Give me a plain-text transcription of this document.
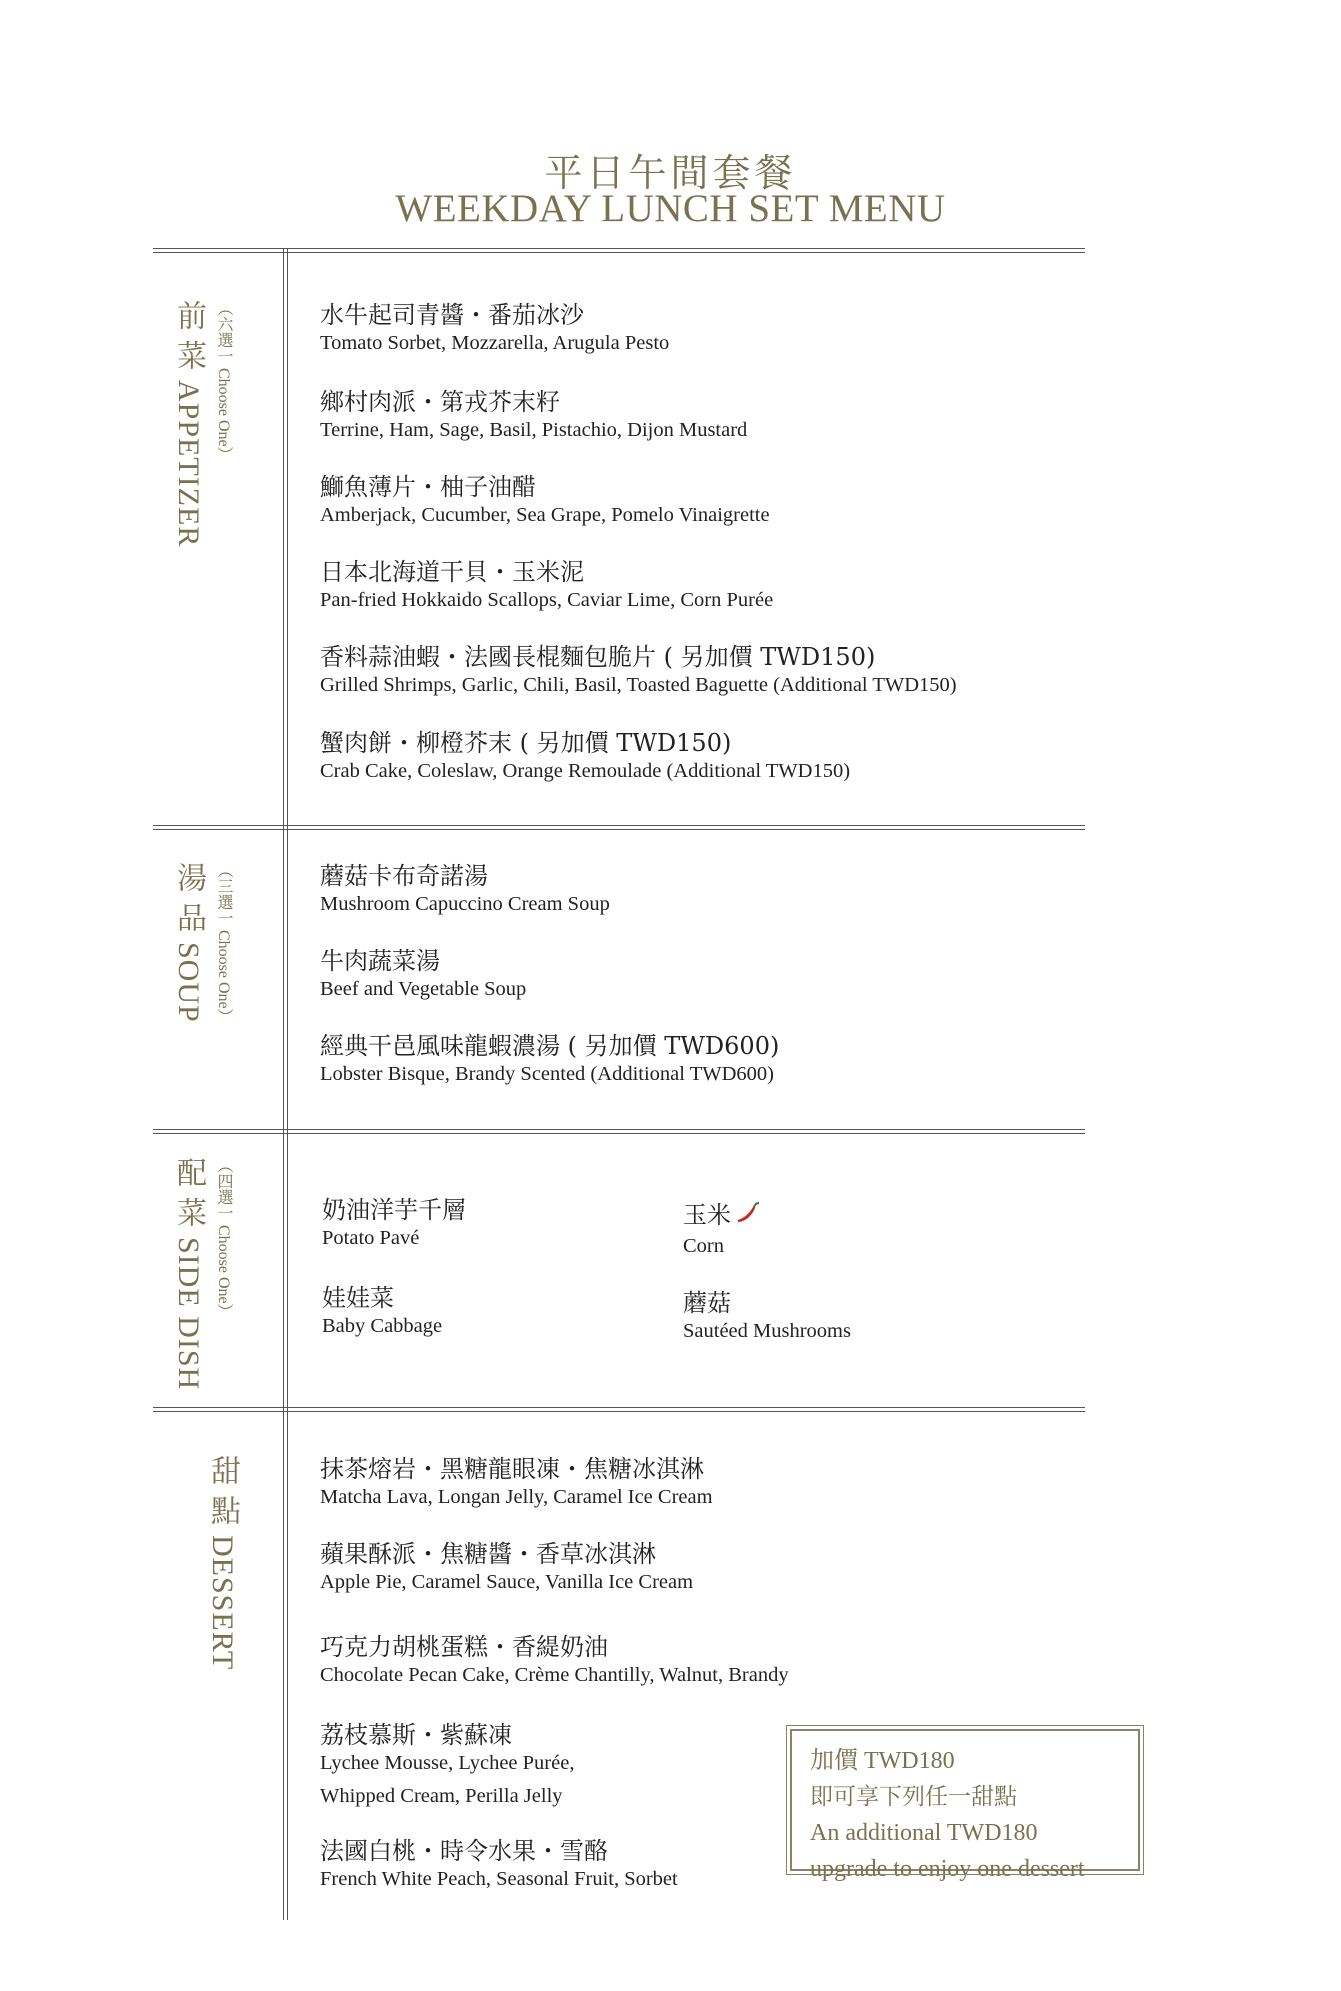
平日午間套餐
WEEKDAY LUNCH SET MENU
前菜APPETIZER （六選一 Choose One）	水牛起司青醬・番茄冰沙
Tomato Sorbet, Mozzarella, Arugula Pesto
鄉村肉派・第戎芥末籽
Terrine, Ham, Sage, Basil, Pistachio, Dijon Mustard
鰤魚薄片・柚子油醋
Amberjack, Cucumber, Sea Grape, Pomelo Vinaigrette
日本北海道干貝・玉米泥
Pan-fried Hokkaido Scallops, Caviar Lime, Corn Purée
香料蒜油蝦・法國長棍麵包脆片 ( 另加價 TWD150)
Grilled Shrimps, Garlic, Chili, Basil, Toasted Baguette (Additional TWD150)
蟹肉餅・柳橙芥末 ( 另加價 TWD150)
Crab Cake, Coleslaw, Orange Remoulade (Additional TWD150)
湯品SOUP （三選一 Choose One）	蘑菇卡布奇諾湯
Mushroom Capuccino Cream Soup
牛肉蔬菜湯
Beef and Vegetable Soup
經典干邑風味龍蝦濃湯 ( 另加價 TWD600)
Lobster Bisque, Brandy Scented (Additional TWD600)
配菜SIDE DISH （四選一 Choose One）	奶油洋芋千層
Potato Pavé
玉米
Corn
娃娃菜
Baby Cabbage
蘑菇
Sautéed Mushrooms
甜點DESSERT
抹茶熔岩・黑糖龍眼凍・焦糖冰淇淋
Matcha Lava, Longan Jelly, Caramel Ice Cream
蘋果酥派・焦糖醬・香草冰淇淋
Apple Pie, Caramel Sauce, Vanilla Ice Cream
巧克力胡桃蛋糕・香緹奶油
Chocolate Pecan Cake, Crème Chantilly, Walnut, Brandy
荔枝慕斯・紫蘇凍
Lychee Mousse, Lychee Purée,
Whipped Cream, Perilla Jelly
法國白桃・時令水果・雪酪
French White Peach, Seasonal Fruit, Sorbet
加價 TWD180
即可享下列任一甜點
An additional TWD180
upgrade to enjoy one dessert
